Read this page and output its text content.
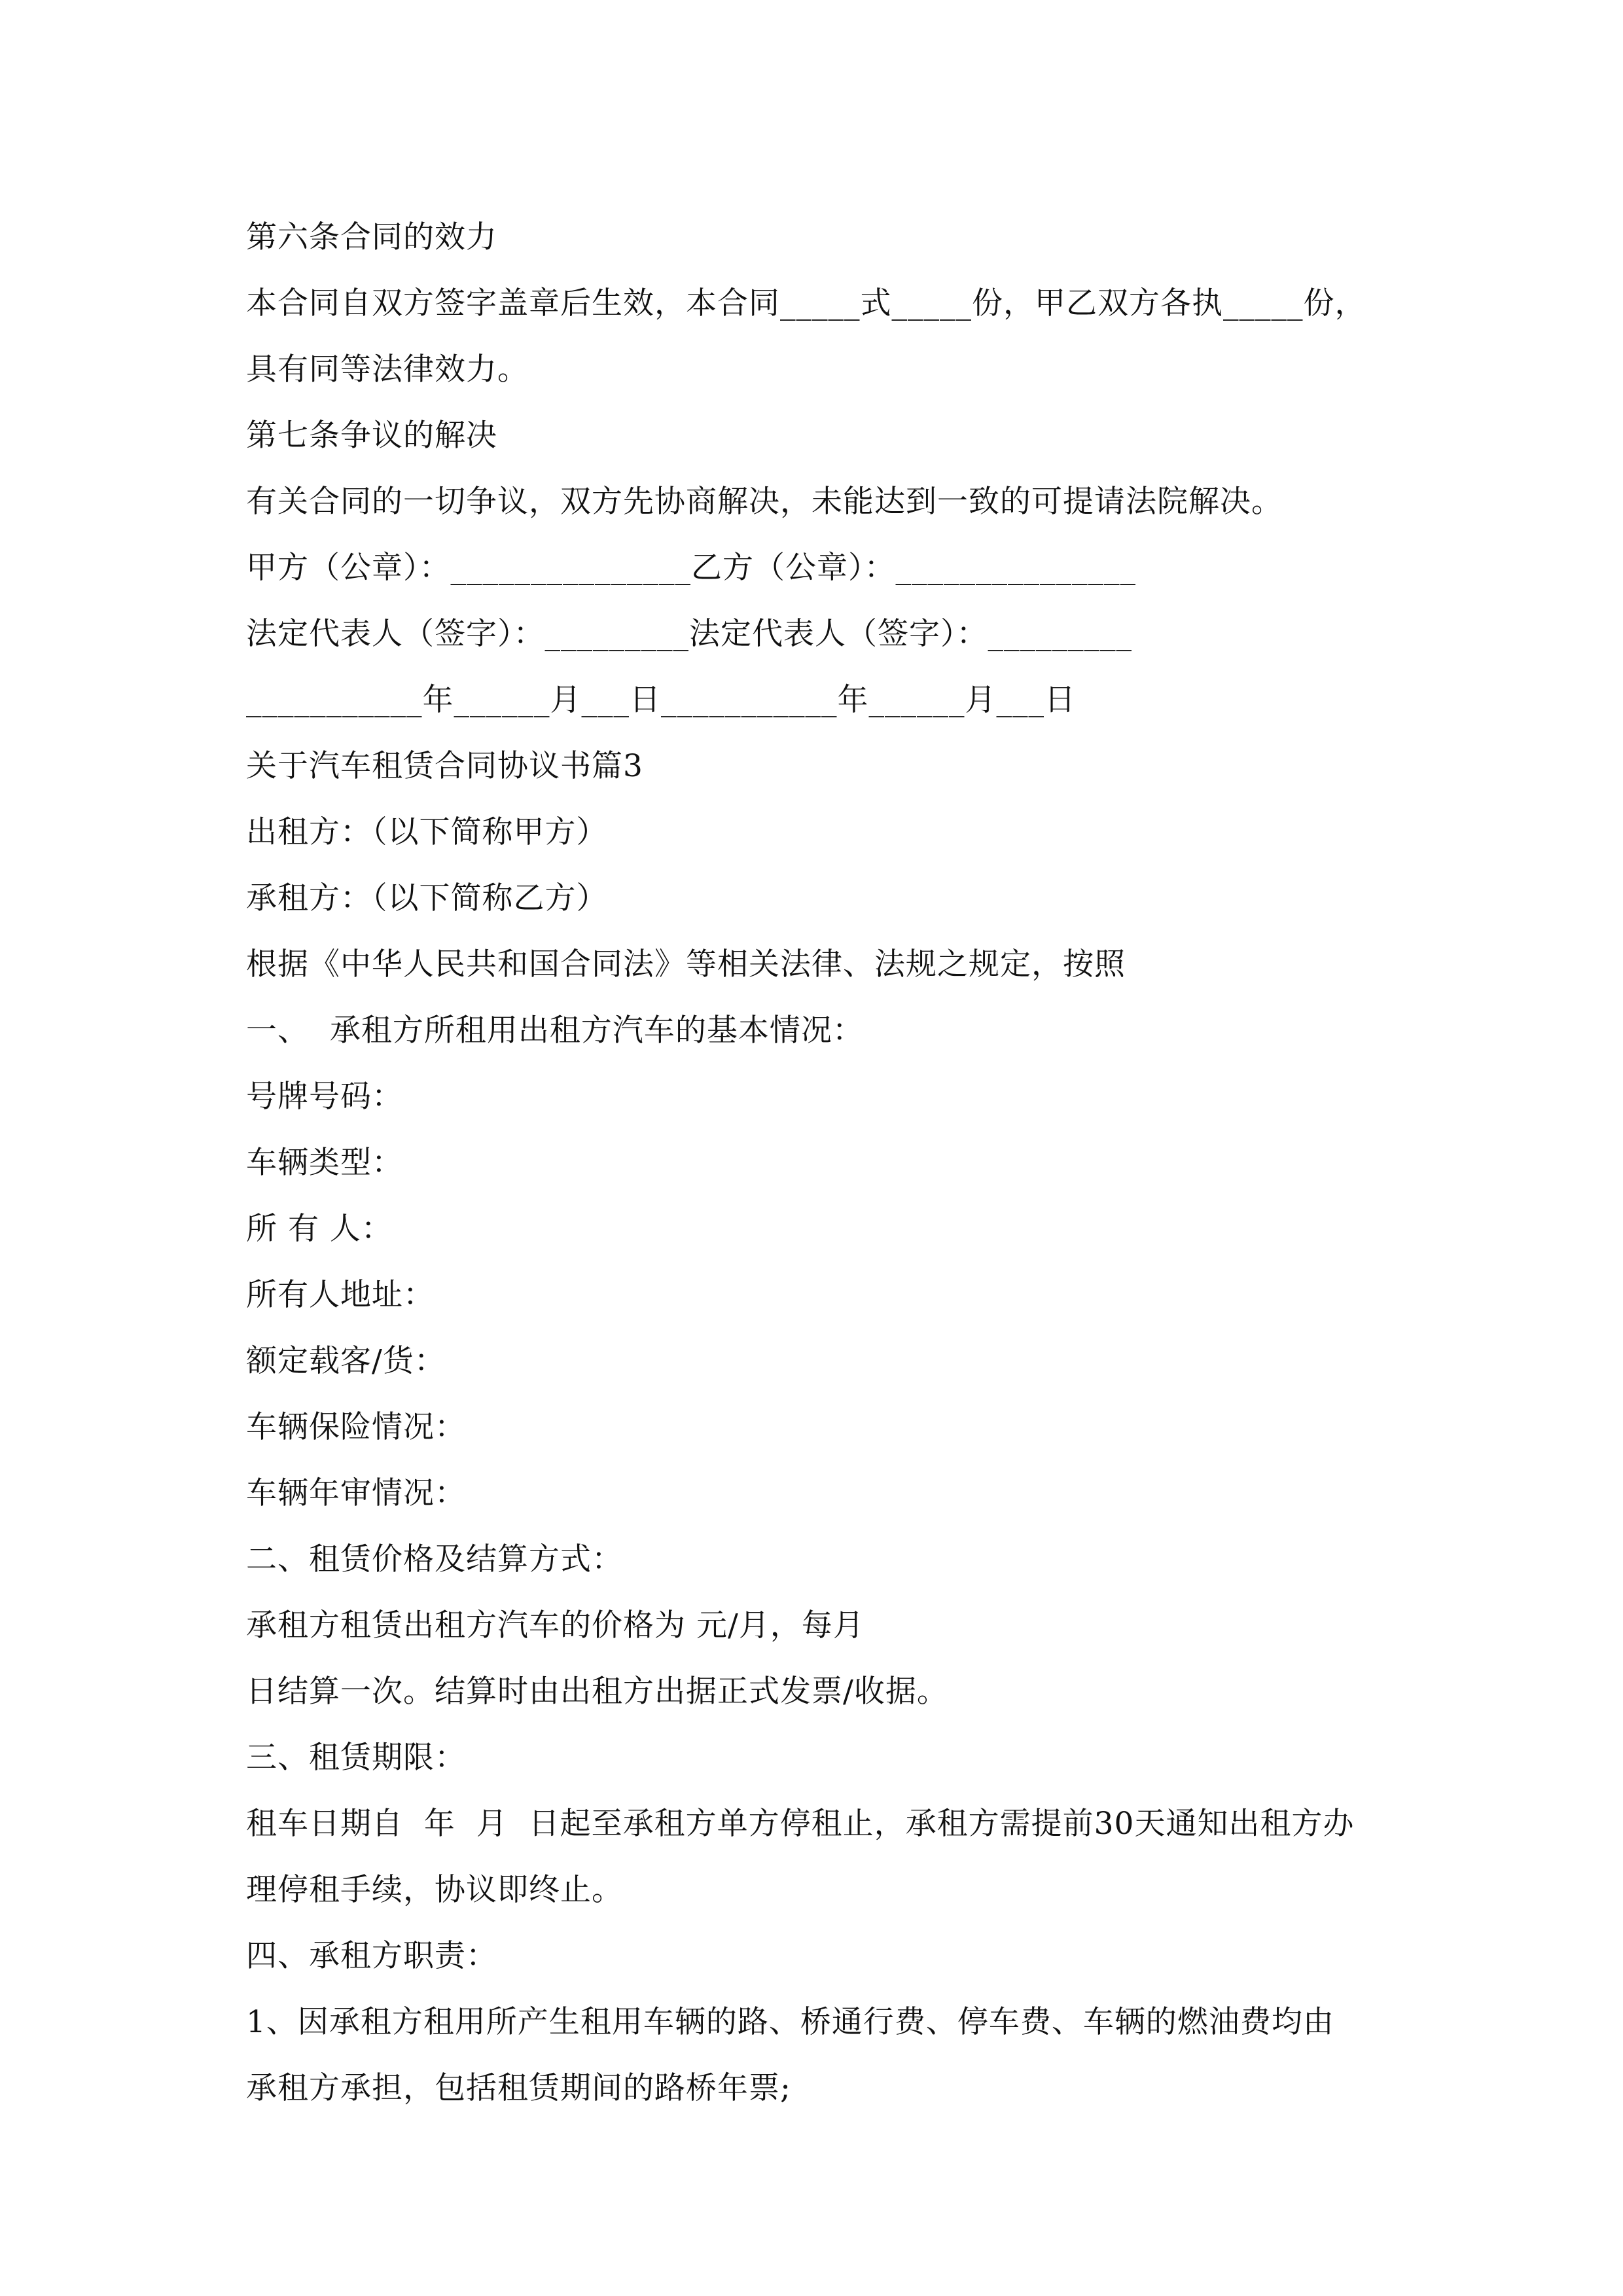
第六条合同的效力
本合同自双方签字盖章后生效，本合同_____式_____份，甲乙双方各执_____份，
具有同等法律效力。
第七条争议的解决
有关合同的一切争议，双方先协商解决，未能达到一致的可提请法院解决。
甲方（公章）：_______________乙方（公章）：_______________
法定代表人（签字）：_________法定代表人（签字）：_________
___________年______月___日___________年______月___日
关于汽车租赁合同协议书篇3
出租方：（以下简称甲方）
承租方：（以下简称乙方）
根据《中华人民共和国合同法》等相关法律、法规之规定，按照
一、  承租方所租用出租方汽车的基本情况：
号牌号码：
车辆类型：
所 有 人：
所有人地址：
额定载客/货：
车辆保险情况：
车辆年审情况：
二、租赁价格及结算方式：
承租方租赁出租方汽车的价格为 元/月，每月
日结算一次。结算时由出租方出据正式发票/收据。
三、租赁期限：
租车日期自  年  月  日起至承租方单方停租止，承租方需提前30天通知出租方办
理停租手续，协议即终止。
四、承租方职责：
1、因承租方租用所产生租用车辆的路、桥通行费、停车费、车辆的燃油费均由
承租方承担，包括租赁期间的路桥年票;
